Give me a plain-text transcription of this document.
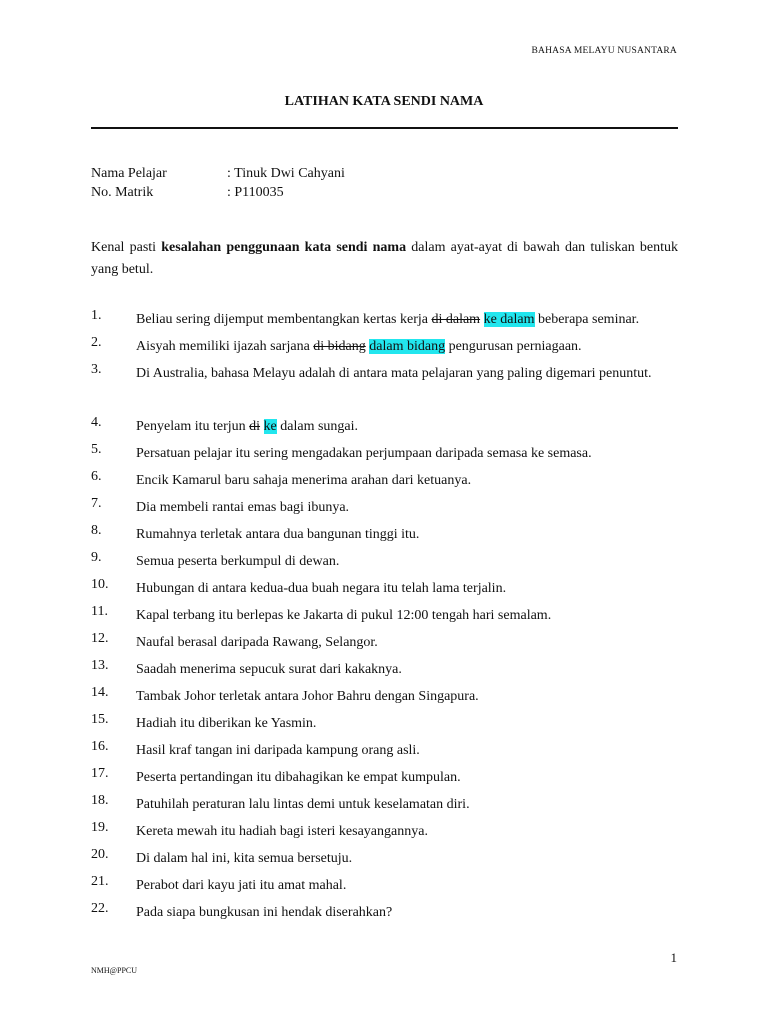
BAHASA MELAYU NUSANTARA
LATIHAN KATA SENDI NAMA
Nama Pelajar	: Tinuk Dwi Cahyani
No. Matrik	: P110035
Kenal pasti kesalahan penggunaan kata sendi nama dalam ayat-ayat di bawah dan tuliskan bentuk yang betul.
1. Beliau sering dijemput membentangkan kertas kerja di dalam ke dalam beberapa seminar.
2. Aisyah memiliki ijazah sarjana di bidang dalam bidang pengurusan perniagaan.
3. Di Australia, bahasa Melayu adalah di antara mata pelajaran yang paling digemari penuntut.
4. Penyelam itu terjun di ke dalam sungai.
5. Persatuan pelajar itu sering mengadakan perjumpaan daripada semasa ke semasa.
6. Encik Kamarul baru sahaja menerima arahan dari ketuanya.
7. Dia membeli rantai emas bagi ibunya.
8. Rumahnya terletak antara dua bangunan tinggi itu.
9. Semua peserta berkumpul di dewan.
10. Hubungan di antara kedua-dua buah negara itu telah lama terjalin.
11. Kapal terbang itu berlepas ke Jakarta di pukul 12:00 tengah hari semalam.
12. Naufal berasal daripada Rawang, Selangor.
13. Saadah menerima sepucuk surat dari kakaknya.
14. Tambak Johor terletak antara Johor Bahru dengan Singapura.
15. Hadiah itu diberikan ke Yasmin.
16. Hasil kraf tangan ini daripada kampung orang asli.
17. Peserta pertandingan itu dibahagikan ke empat kumpulan.
18. Patuhilah peraturan lalu lintas demi untuk keselamatan diri.
19. Kereta mewah itu hadiah bagi isteri kesayangannya.
20. Di dalam hal ini, kita semua bersetuju.
21. Perabot dari kayu jati itu amat mahal.
22. Pada siapa bungkusan ini hendak diserahkan?
1
NMH@PPCU
